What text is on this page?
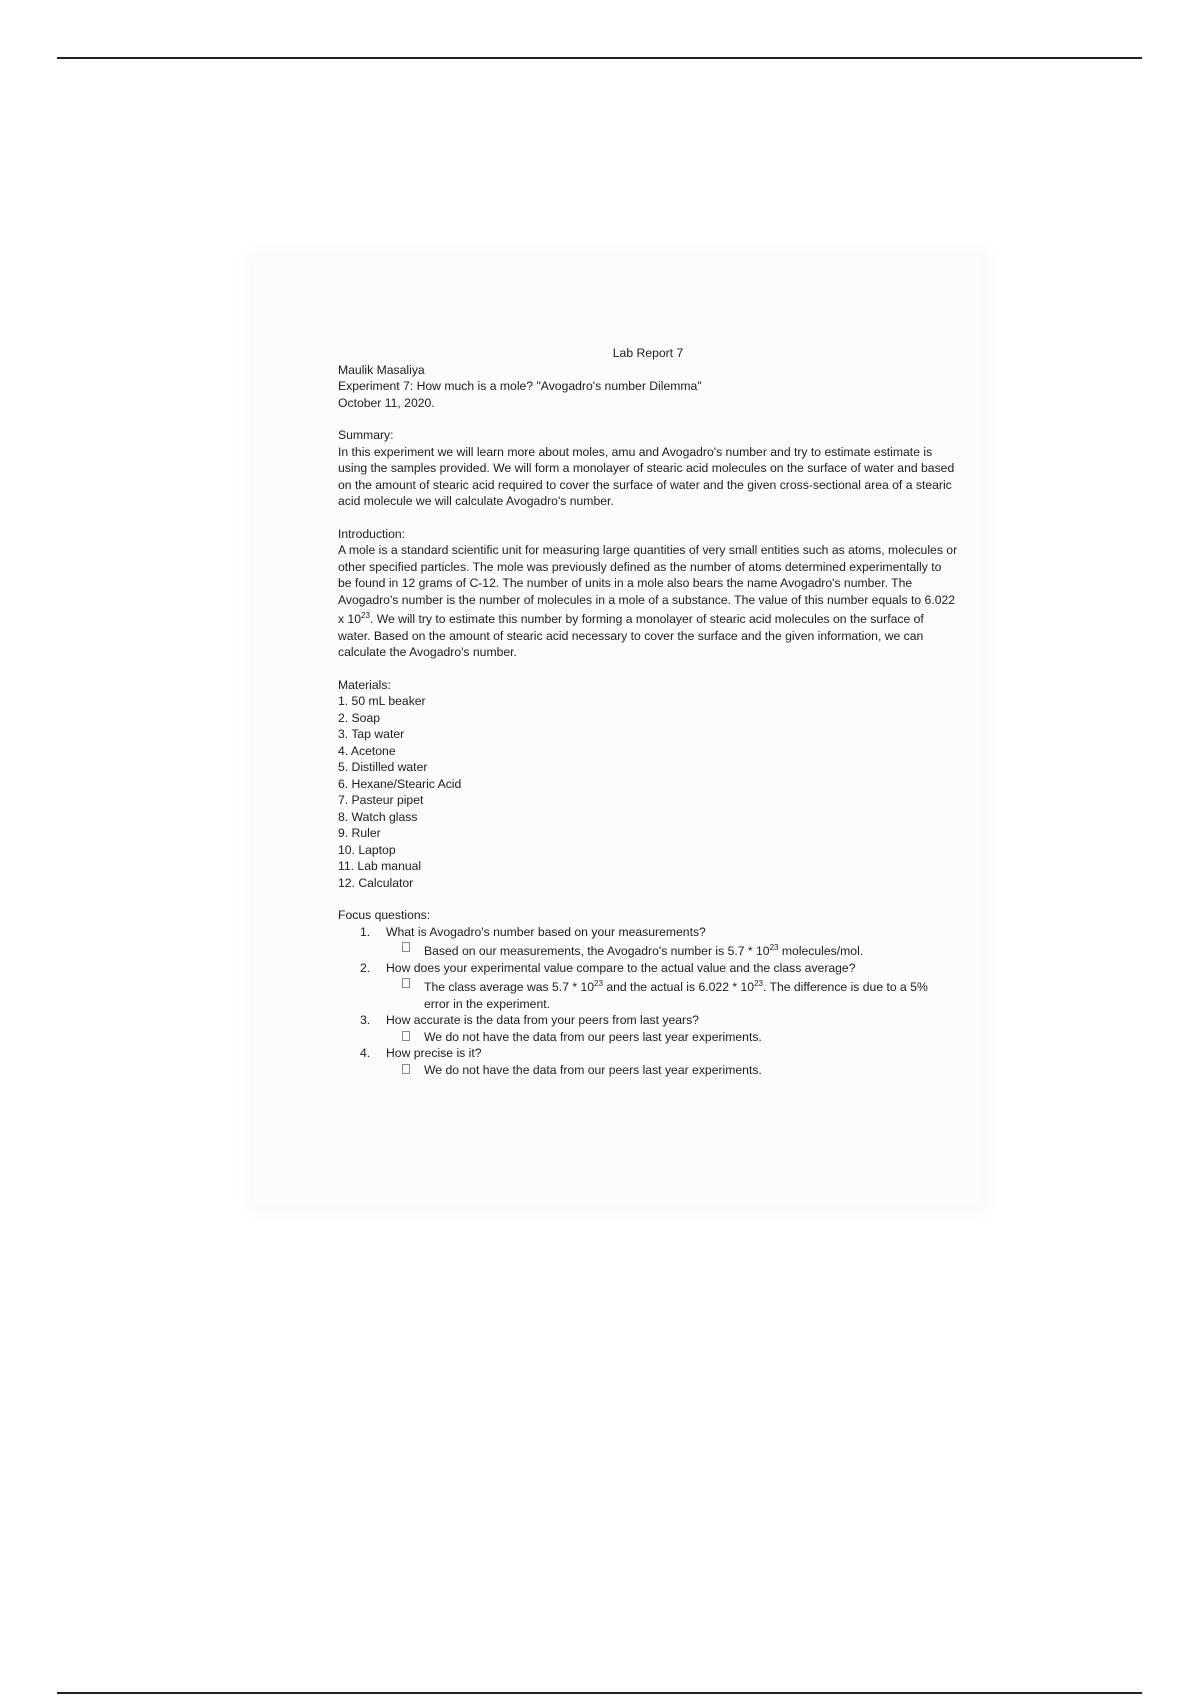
Lab Report 7

Maulik Masaliya

Experiment 7: How much is a mole? "Avogadro's number Dilemma"

October 11, 2020.

Summary:

In this experiment we will learn more about moles, amu and Avogadro's number and try to estimate estimate is using the samples provided. We will form a monolayer of stearic acid molecules on the surface of water and based on the amount of stearic acid required to cover the surface of water and the given cross-sectional area of a stearic acid molecule we will calculate Avogadro's number.

Introduction:

A mole is a standard scientific unit for measuring large quantities of very small entities such as atoms, molecules or other specified particles. The mole was previously defined as the number of atoms determined experimentally to be found in 12 grams of C-12. The number of units in a mole also bears the name Avogadro's number. The Avogadro's number is the number of molecules in a mole of a substance. The value of this number equals to 6.022 x $10^{23}$. We will try to estimate this number by forming a monolayer of stearic acid molecules on the surface of water. Based on the amount of stearic acid necessary to cover the surface and the given information, we can calculate the Avogadro's number.

Materials:

1. 50 mL beaker
2. Soap
3. Tap water
4. Acetone
5. Distilled water
6. Hexane/Stearic Acid
7. Pasteur pipet
8. Watch glass
9. Ruler
10. Laptop
11. Lab manual
12. Calculator

Focus questions:

1.	What is Avogadro's number based on your measurements?
Based on our measurements, the Avogadro's number is $5.7 * 10^{23}$ molecules/mol.
2.	How does your experimental value compare to the actual value and the class average?
The class average was $5.7 * 10^{23}$ and the actual is $6.022 * 10^{23}$. The difference is due to a 5% error in the experiment.
3.	How accurate is the data from your peers from last years?
We do not have the data from our peers last year experiments.
4.	How precise is it?
We do not have the data from our peers last year experiments.
